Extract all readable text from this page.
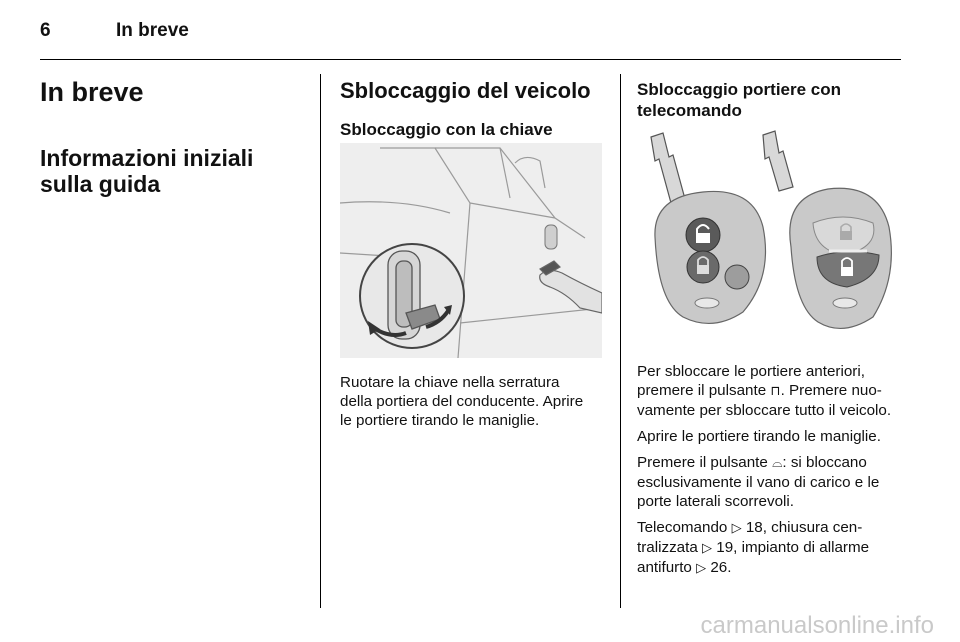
6	In breve
In breve
Informazioni iniziali
sulla guida
Sbloccaggio del veicolo
Sbloccaggio con la chiave
Ruotare la chiave nella serratura
della portiera del conducente. Aprire
le portiere tirando le maniglie.
Sbloccaggio portiere con
telecomando

Per sbloccare le portiere anteriori,
premere il pulsante ⊓. Premere nuo-
vamente per sbloccare tutto il veicolo.

Aprire le portiere tirando le maniglie.

Premere il pulsante ⌓: si bloccano
esclusivamente il vano di carico e le
porte laterali scorrevoli.

Telecomando ▷ 18, chiusura cen-
tralizzata ▷ 19, impianto di allarme
antifurto ▷ 26.

carmanualsonline.info
